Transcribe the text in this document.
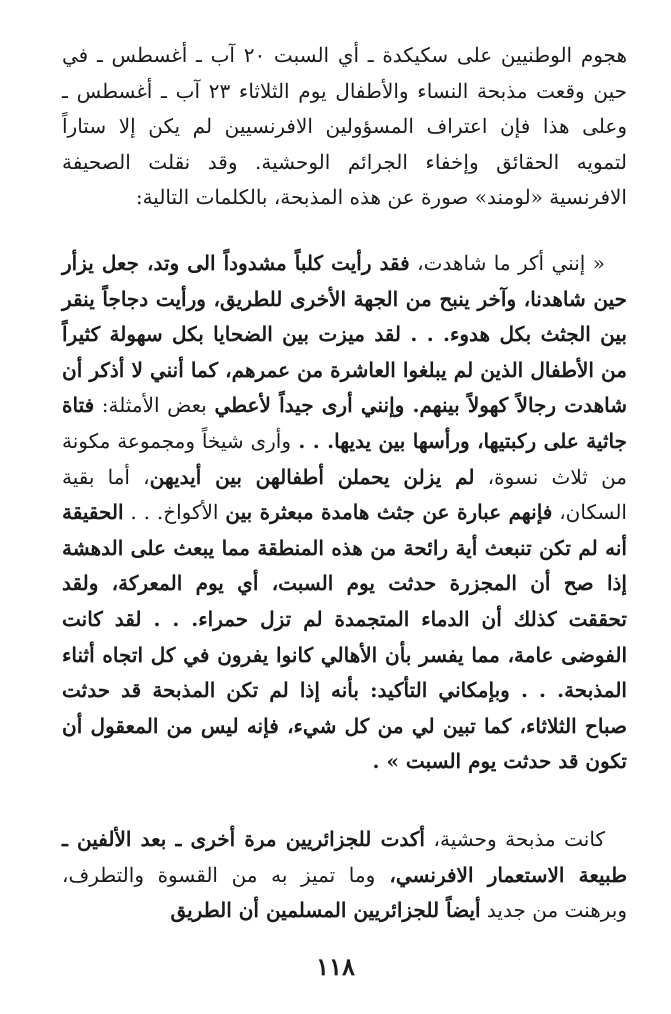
هجوم الوطنيين على سكيكدة ـ أي السبت ٢٠ آب ـ أغسطس ـ في حين وقعت مذبحة النساء والأطفال يوم الثلاثاء ٢٣ آب ـ أغسطس ـ وعلى هذا فإن اعتراف المسؤولين الافرنسيين لم يكن إلا ستاراً لتمويه الحقائق وإخفاء الجرائم الوحشية. وقد نقلت الصحيفة الافرنسية «لومند» صورة عن هذه المذبحة، بالكلمات التالية:

« إنني أكر ما شاهدت، فقد رأيت كلباً مشدوداً الى وتد، جعل يزأر حين شاهدنا، وآخر ينبح من الجهة الأخرى للطريق، ورأيت دجاجاً ينقر بين الجثث بكل هدوء. . . لقد ميزت بين الضحايا بكل سهولة كثيراً من الأطفال الذين لم يبلغوا العاشرة من عمرهم، كما أنني لا أذكر أن شاهدت رجالاً كهولاً بينهم. وإنني أرى جيداً لأعطي بعض الأمثلة: فتاة جاثية على ركبتيها، ورأسها بين يديها. . . وأرى شيخاً ومجموعة مكونة من ثلاث نسوة، لم يزلن يحملن أطفالهن بين أيديهن، أما بقية السكان، فإنهم عبارة عن جثث هامدة مبعثرة بين الأكواخ. . . الحقيقة أنه لم تكن تنبعث أية رائحة من هذه المنطقة مما يبعث على الدهشة إذا صح أن المجزرة حدثت يوم السبت، أي يوم المعركة، ولقد تحققت كذلك أن الدماء المتجمدة لم تزل حمراء. . . لقد كانت الفوضى عامة، مما يفسر بأن الأهالي كانوا يفرون في كل اتجاه أثناء المذبحة. . . وبإمكاني التأكيد: بأنه إذا لم تكن المذبحة قد حدثت صباح الثلاثاء، كما تبين لي من كل شيء، فإنه ليس من المعقول أن تكون قد حدثت يوم السبت » .

كانت مذبحة وحشية، أكدت للجزائريين مرة أخرى ـ بعد الألفين ـ طبيعة الاستعمار الافرنسي، وما تميز به من القسوة والتطرف، وبرهنت من جديد أيضاً للجزائريين المسلمين أن الطريق

١١٨
